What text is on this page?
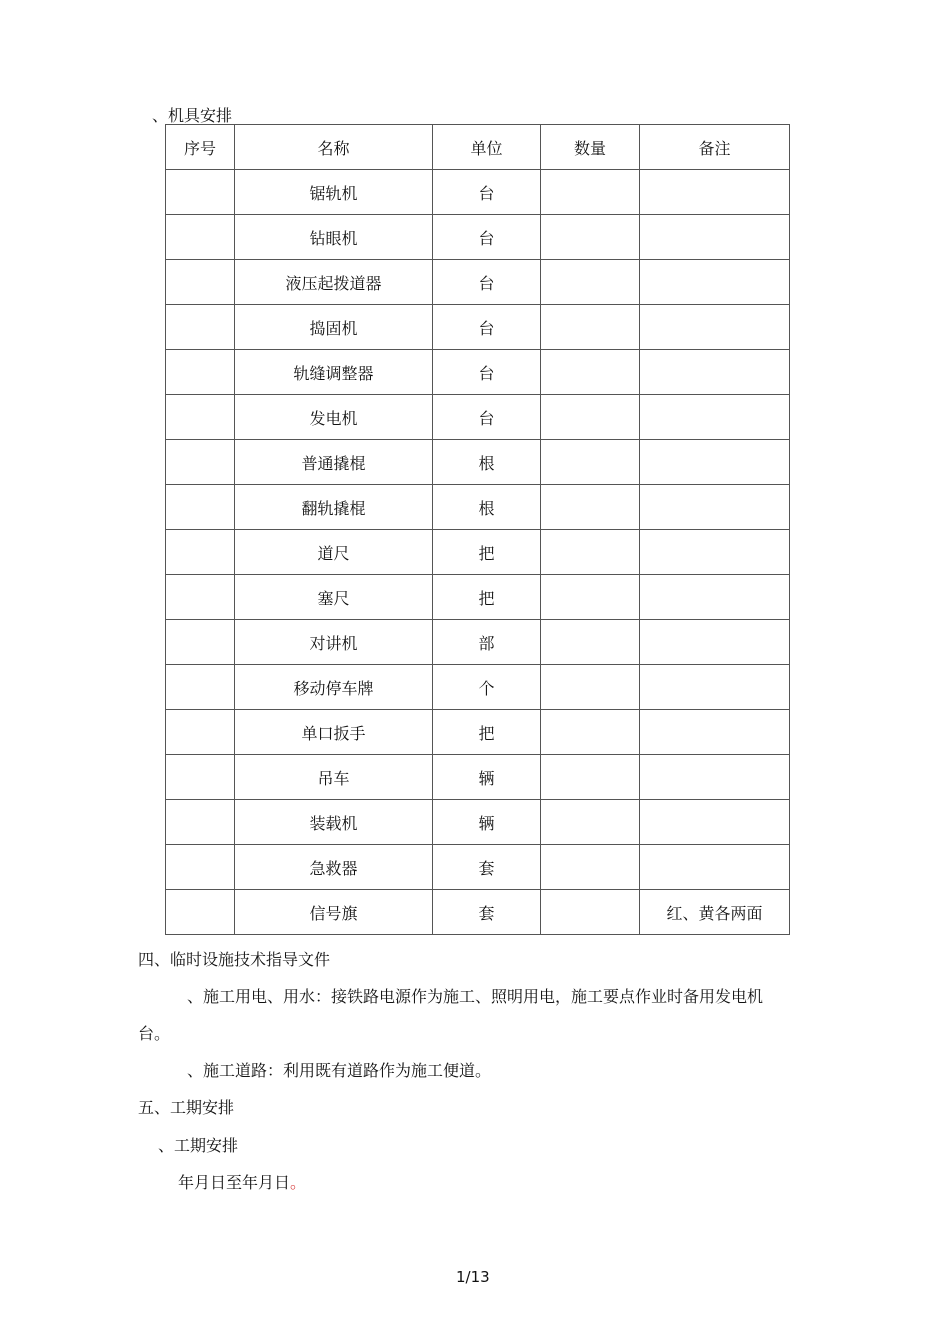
、机具安排
序号	名称	单位	数量	备注
	锯轨机	台		
	钻眼机	台		
	液压起拨道器	台		
	捣固机	台		
	轨缝调整器	台		
	发电机	台		
	普通撬棍	根		
	翻轨撬棍	根		
	道尺	把		
	塞尺	把		
	对讲机	部		
	移动停车牌	个		
	单口扳手	把		
	吊车	辆		
	装载机	辆		
	急救器	套		
	信号旗	套		红、黄各两面
四、临时设施技术指导文件
、施工用电、用水：接铁路电源作为施工、照明用电，施工要点作业时备用发电机
台。
、施工道路：利用既有道路作为施工便道。
五、工期安排
、工期安排
年月日至年月日。
1/13
